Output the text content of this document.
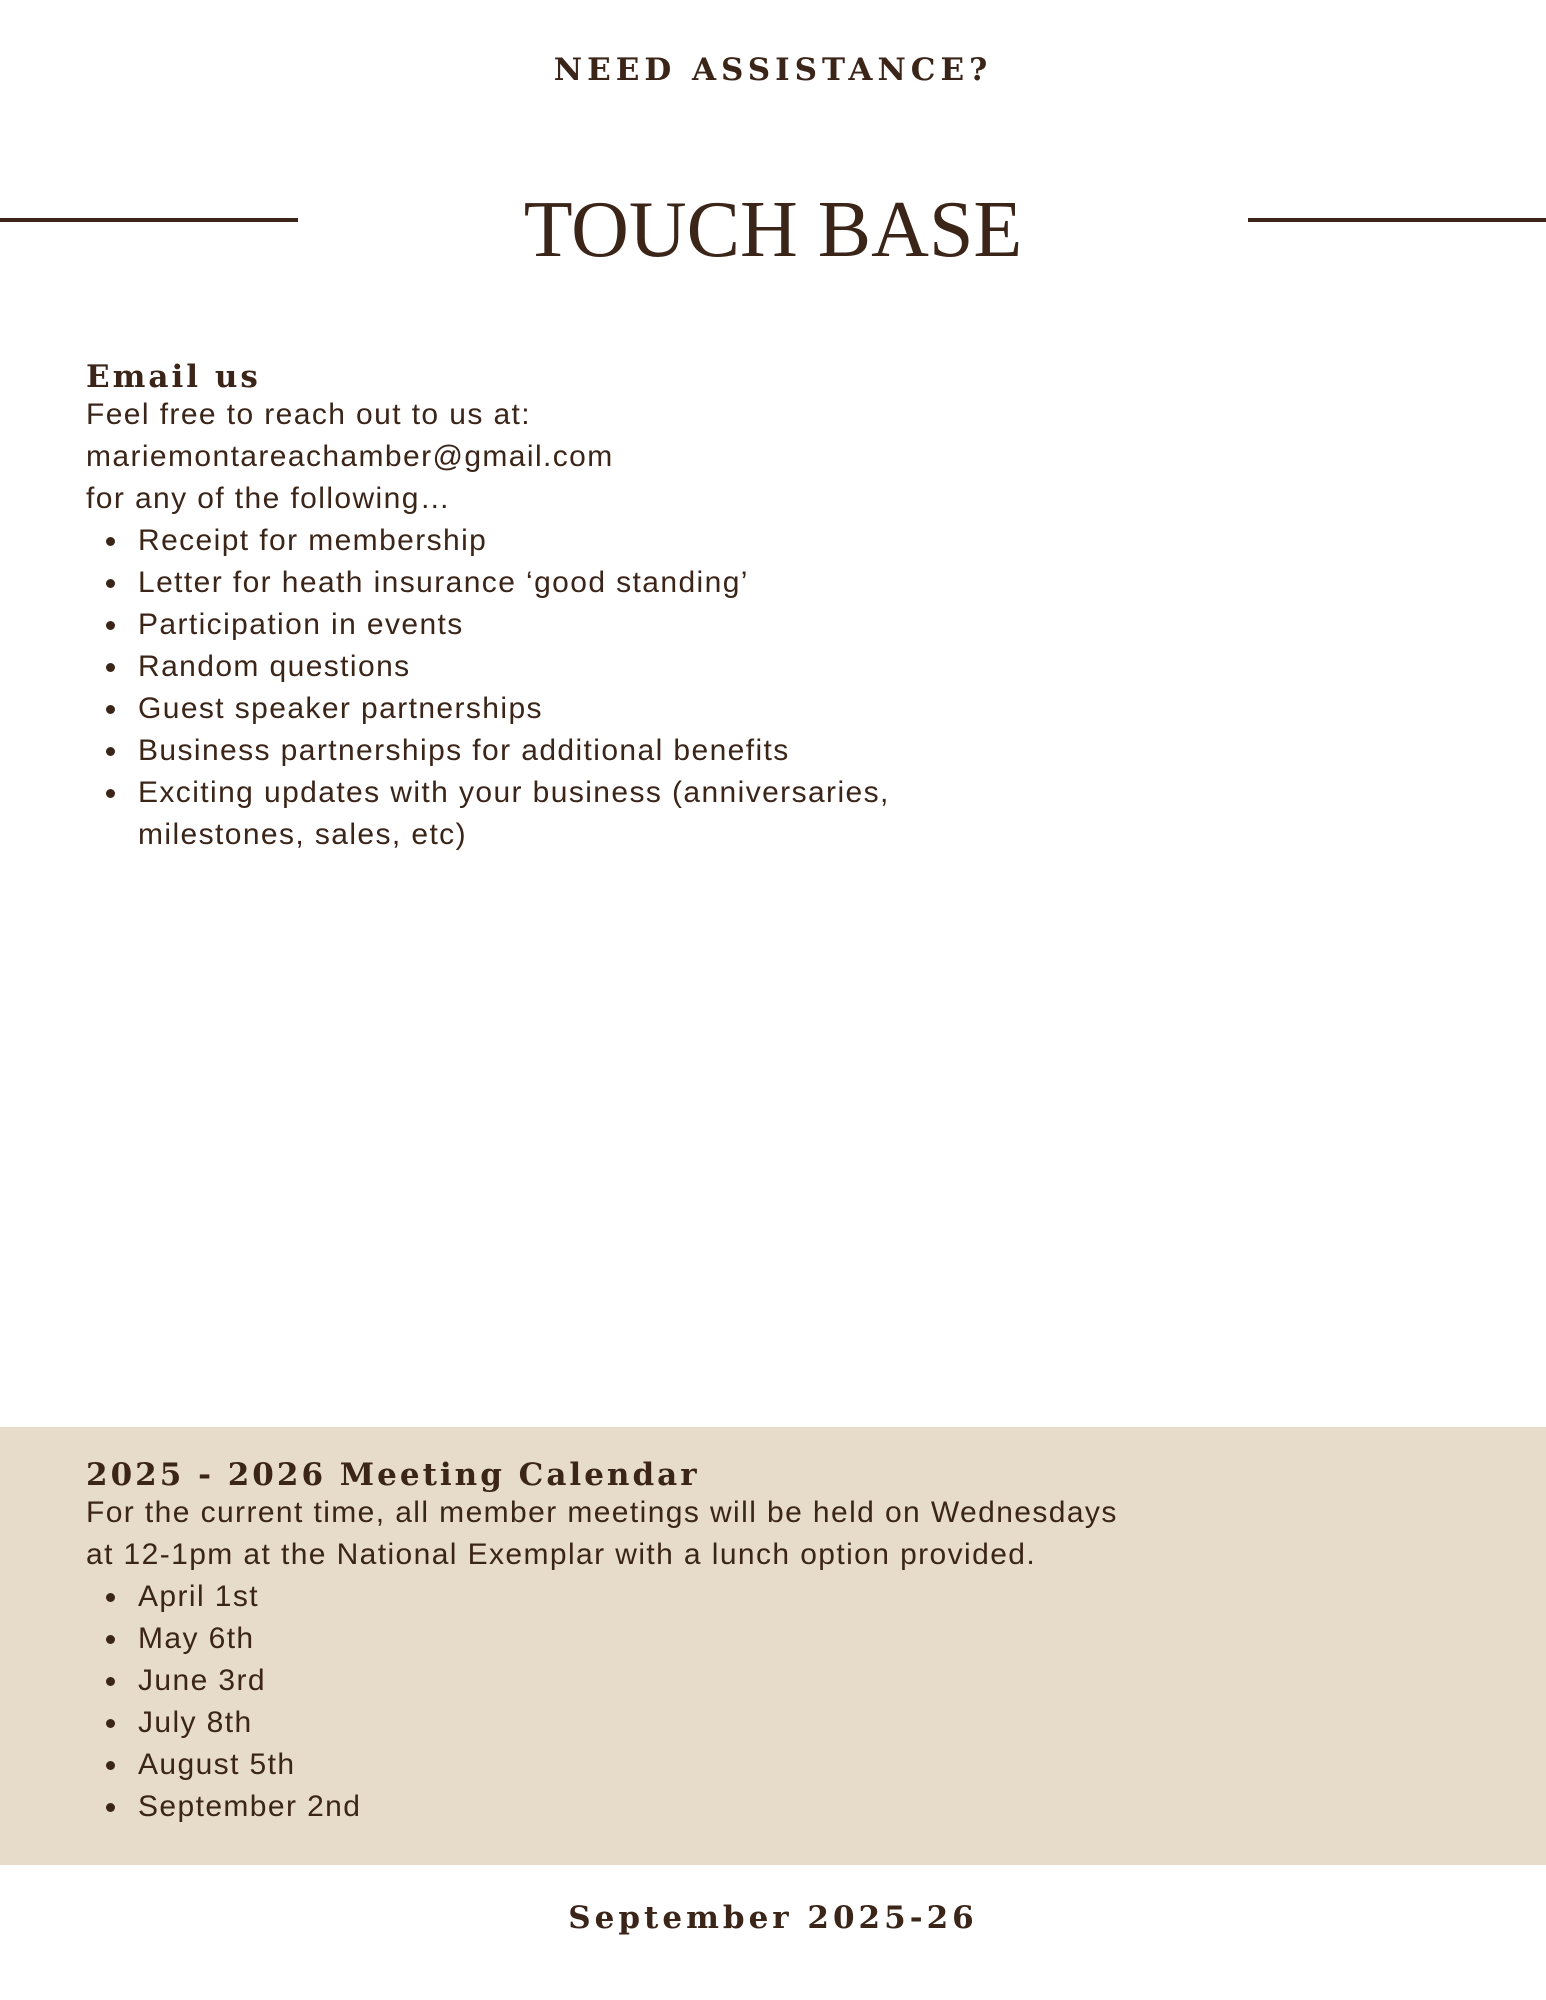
NEED ASSISTANCE?
TOUCH BASE
Email us

Feel free to reach out to us at:

mariemontareachamber@gmail.com

for any of the following…

Receipt for membership
Letter for heath insurance ‘good standing’
Participation in events
Random questions
Guest speaker partnerships
Business partnerships for additional benefits
Exciting updates with your business (anniversaries, milestones, sales, etc)
2025 - 2026 Meeting Calendar

For the current time, all member meetings will be held on Wednesdays at 12-1pm at the National Exemplar with a lunch option provided.

April 1st
May 6th
June 3rd
July 8th
August 5th
September 2nd
September 2025-26
